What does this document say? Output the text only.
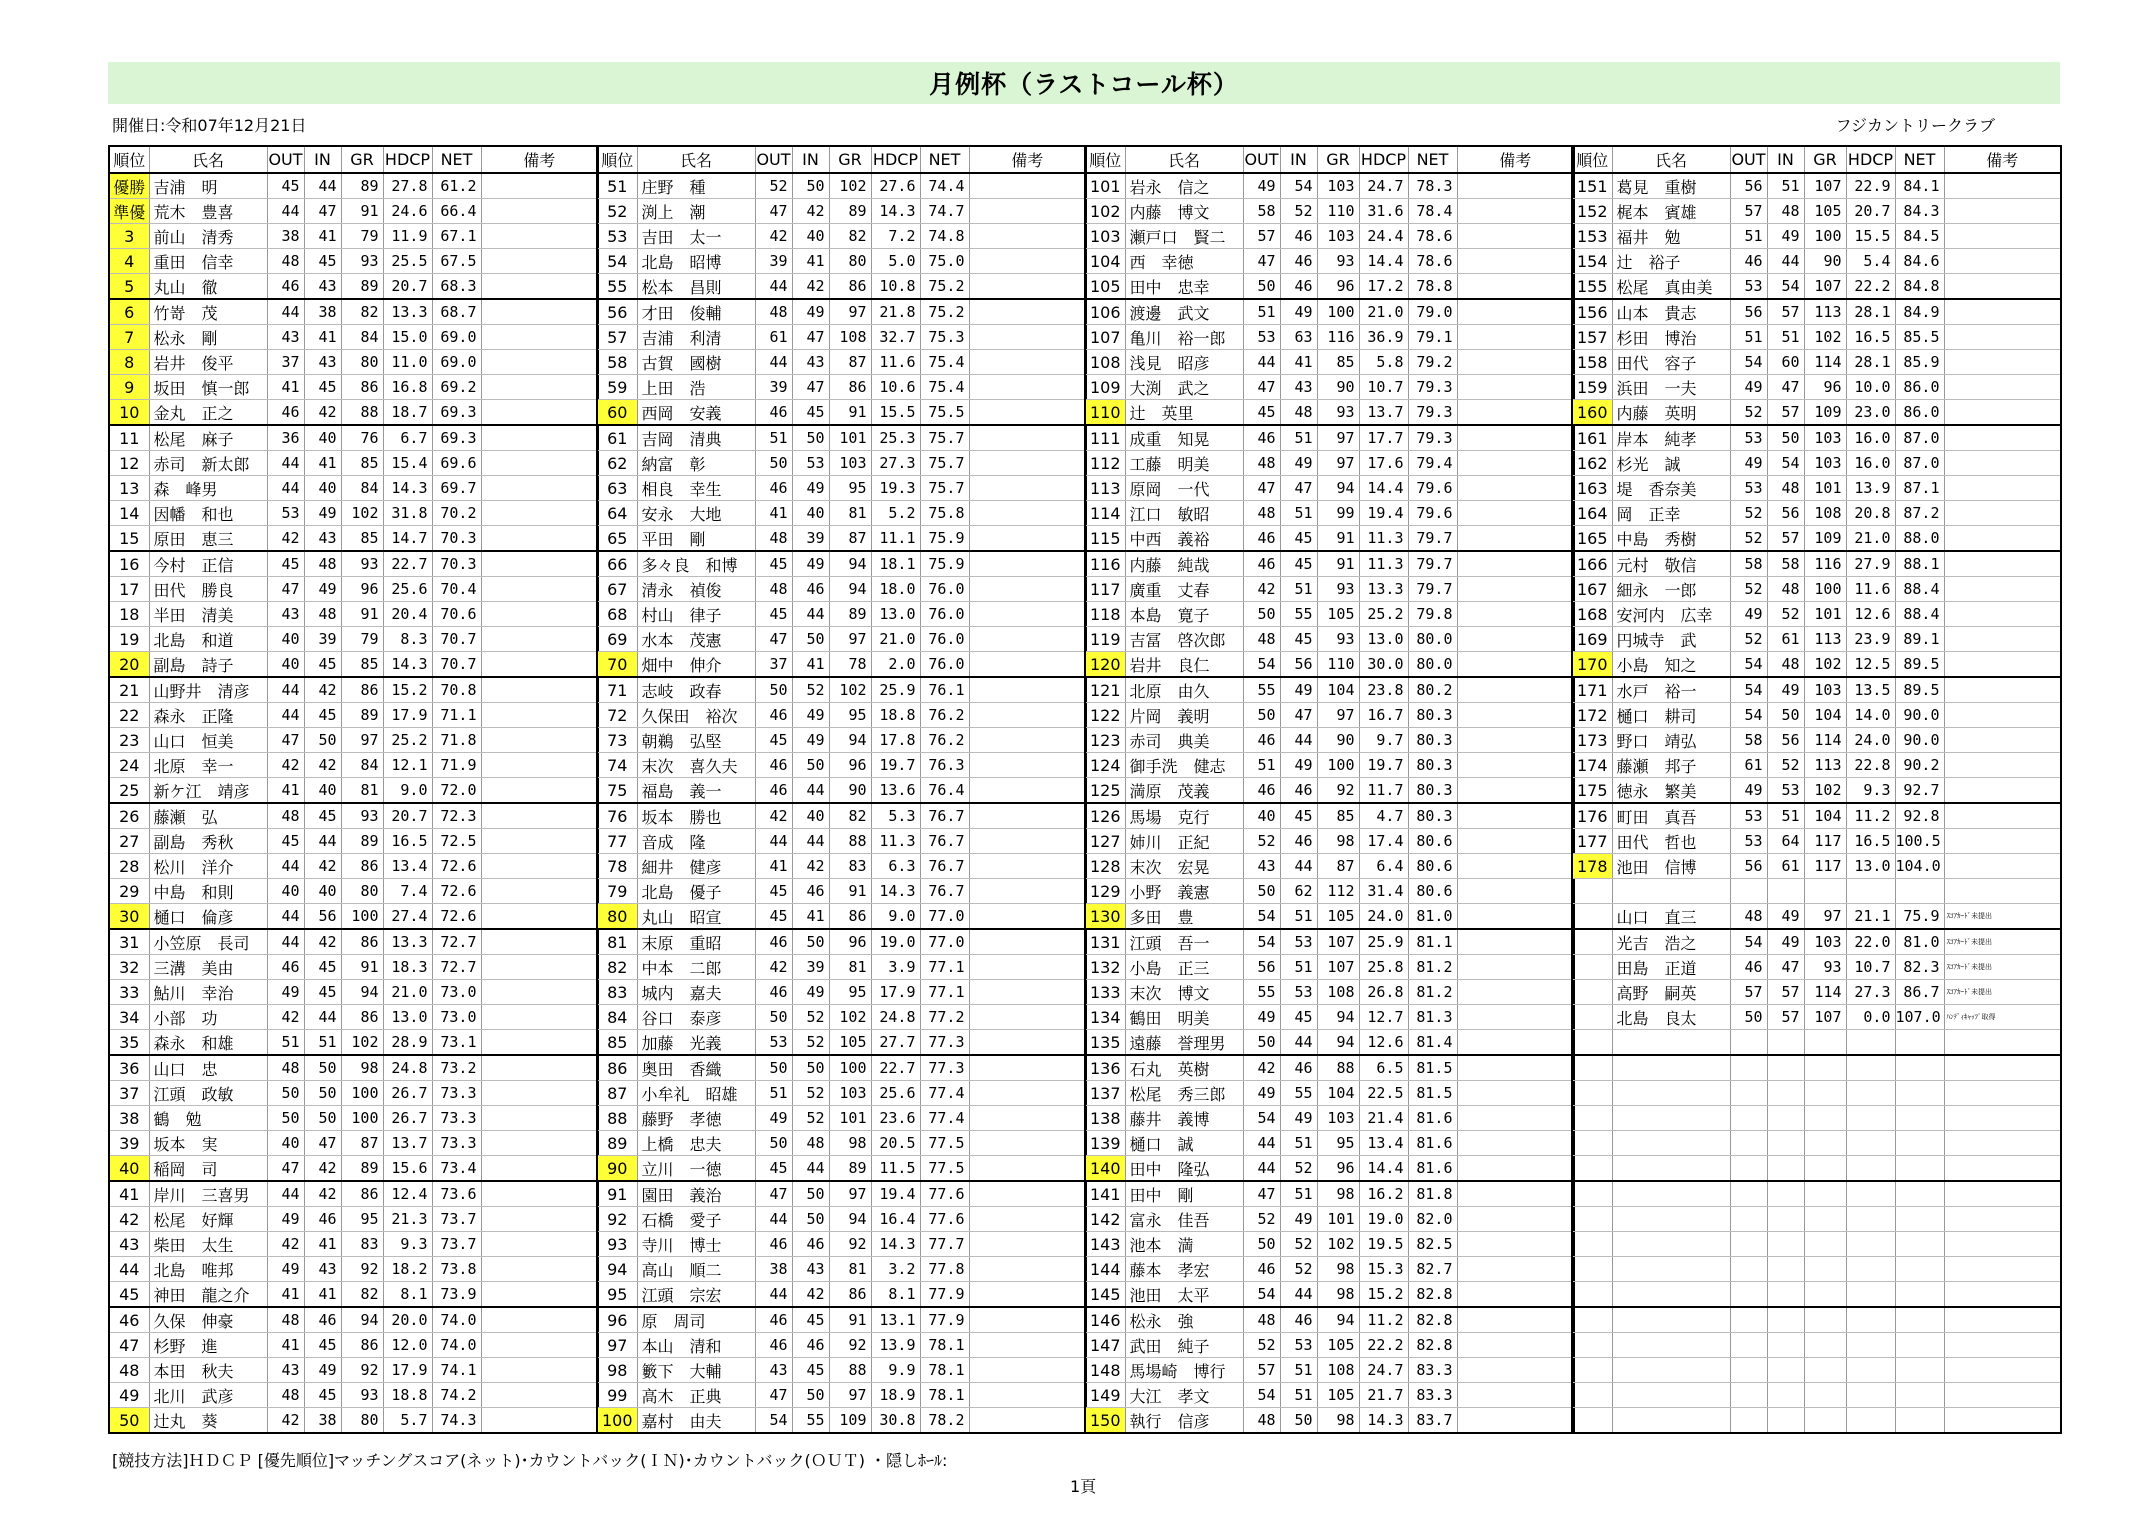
月例杯（ラストコール杯）
開催日:令和07年12月21日	フジカントリークラブ
順位	氏名	OUT	IN	GR	HDCP	NET	備考
優勝	吉浦　明	45	44	89	27.8	61.2	
準優	荒木　豊喜	44	47	91	24.6	66.4	
3	前山　清秀	38	41	79	11.9	67.1	
4	重田　信幸	48	45	93	25.5	67.5	
5	丸山　徹	46	43	89	20.7	68.3	
6	竹嵜　茂	44	38	82	13.3	68.7	
7	松永　剛	43	41	84	15.0	69.0	
8	岩井　俊平	37	43	80	11.0	69.0	
9	坂田　慎一郎	41	45	86	16.8	69.2	
10	金丸　正之	46	42	88	18.7	69.3	
11	松尾　麻子	36	40	76	6.7	69.3	
12	赤司　新太郎	44	41	85	15.4	69.6	
13	森　峰男	44	40	84	14.3	69.7	
14	因幡　和也	53	49	102	31.8	70.2	
15	原田　恵三	42	43	85	14.7	70.3	
16	今村　正信	45	48	93	22.7	70.3	
17	田代　勝良	47	49	96	25.6	70.4	
18	半田　清美	43	48	91	20.4	70.6	
19	北島　和道	40	39	79	8.3	70.7	
20	副島　詩子	40	45	85	14.3	70.7	
21	山野井　清彦	44	42	86	15.2	70.8	
22	森永　正隆	44	45	89	17.9	71.1	
23	山口　恒美	47	50	97	25.2	71.8	
24	北原　幸一	42	42	84	12.1	71.9	
25	新ケ江　靖彦	41	40	81	9.0	72.0	
26	藤瀬　弘	48	45	93	20.7	72.3	
27	副島　秀秋	45	44	89	16.5	72.5	
28	松川　洋介	44	42	86	13.4	72.6	
29	中島　和則	40	40	80	7.4	72.6	
30	樋口　倫彦	44	56	100	27.4	72.6	
31	小笠原　長司	44	42	86	13.3	72.7	
32	三溝　美由	46	45	91	18.3	72.7	
33	鮎川　幸治	49	45	94	21.0	73.0	
34	小部　功	42	44	86	13.0	73.0	
35	森永　和雄	51	51	102	28.9	73.1	
36	山口　忠	48	50	98	24.8	73.2	
37	江頭　政敏	50	50	100	26.7	73.3	
38	鶴　勉	50	50	100	26.7	73.3	
39	坂本　実	40	47	87	13.7	73.3	
40	稲岡　司	47	42	89	15.6	73.4	
41	岸川　三喜男	44	42	86	12.4	73.6	
42	松尾　好輝	49	46	95	21.3	73.7	
43	柴田　太生	42	41	83	9.3	73.7	
44	北島　唯邦	49	43	92	18.2	73.8	
45	神田　龍之介	41	41	82	8.1	73.9	
46	久保　伸豪	48	46	94	20.0	74.0	
47	杉野　進	41	45	86	12.0	74.0	
48	本田　秋夫	43	49	92	17.9	74.1	
49	北川　武彦	48	45	93	18.8	74.2	
50	辻丸　葵	42	38	80	5.7	74.3	
順位	氏名	OUT	IN	GR	HDCP	NET	備考
51	庄野　種	52	50	102	27.6	74.4	
52	渕上　潮	47	42	89	14.3	74.7	
53	吉田　太一	42	40	82	7.2	74.8	
54	北島　昭博	39	41	80	5.0	75.0	
55	松本　昌則	44	42	86	10.8	75.2	
56	才田　俊輔	48	49	97	21.8	75.2	
57	吉浦　利清	61	47	108	32.7	75.3	
58	古賀　國樹	44	43	87	11.6	75.4	
59	上田　浩	39	47	86	10.6	75.4	
60	西岡　安義	46	45	91	15.5	75.5	
61	吉岡　清典	51	50	101	25.3	75.7	
62	納富　彰	50	53	103	27.3	75.7	
63	相良　幸生	46	49	95	19.3	75.7	
64	安永　大地	41	40	81	5.2	75.8	
65	平田　剛	48	39	87	11.1	75.9	
66	多々良　和博	45	49	94	18.1	75.9	
67	清永　禎俊	48	46	94	18.0	76.0	
68	村山　律子	45	44	89	13.0	76.0	
69	水本　茂憲	47	50	97	21.0	76.0	
70	畑中　伸介	37	41	78	2.0	76.0	
71	志岐　政春	50	52	102	25.9	76.1	
72	久保田　裕次	46	49	95	18.8	76.2	
73	朝鵜　弘堅	45	49	94	17.8	76.2	
74	末次　喜久夫	46	50	96	19.7	76.3	
75	福島　義一	46	44	90	13.6	76.4	
76	坂本　勝也	42	40	82	5.3	76.7	
77	音成　隆	44	44	88	11.3	76.7	
78	細井　健彦	41	42	83	6.3	76.7	
79	北島　優子	45	46	91	14.3	76.7	
80	丸山　昭宣	45	41	86	9.0	77.0	
81	末原　重昭	46	50	96	19.0	77.0	
82	中本　二郎	42	39	81	3.9	77.1	
83	城内　嘉夫	46	49	95	17.9	77.1	
84	谷口　泰彦	50	52	102	24.8	77.2	
85	加藤　光義	53	52	105	27.7	77.3	
86	奥田　香織	50	50	100	22.7	77.3	
87	小牟礼　昭雄	51	52	103	25.6	77.4	
88	藤野　孝徳	49	52	101	23.6	77.4	
89	上橋　忠夫	50	48	98	20.5	77.5	
90	立川　一徳	45	44	89	11.5	77.5	
91	園田　義治	47	50	97	19.4	77.6	
92	石橋　愛子	44	50	94	16.4	77.6	
93	寺川　博士	46	46	92	14.3	77.7	
94	高山　順二	38	43	81	3.2	77.8	
95	江頭　宗宏	44	42	86	8.1	77.9	
96	原　周司	46	45	91	13.1	77.9	
97	本山　清和	46	46	92	13.9	78.1	
98	籔下　大輔	43	45	88	9.9	78.1	
99	高木　正典	47	50	97	18.9	78.1	
100	嘉村　由夫	54	55	109	30.8	78.2	
順位	氏名	OUT	IN	GR	HDCP	NET	備考
101	岩永　信之	49	54	103	24.7	78.3	
102	内藤　博文	58	52	110	31.6	78.4	
103	瀬戸口　賢二	57	46	103	24.4	78.6	
104	西　幸徳	47	46	93	14.4	78.6	
105	田中　忠幸	50	46	96	17.2	78.8	
106	渡邊　武文	51	49	100	21.0	79.0	
107	亀川　裕一郎	53	63	116	36.9	79.1	
108	浅見　昭彦	44	41	85	5.8	79.2	
109	大渕　武之	47	43	90	10.7	79.3	
110	辻　英里	45	48	93	13.7	79.3	
111	成重　知晃	46	51	97	17.7	79.3	
112	工藤　明美	48	49	97	17.6	79.4	
113	原岡　一代	47	47	94	14.4	79.6	
114	江口　敏昭	48	51	99	19.4	79.6	
115	中西　義裕	46	45	91	11.3	79.7	
116	内藤　純哉	46	45	91	11.3	79.7	
117	廣重　丈春	42	51	93	13.3	79.7	
118	本島　寛子	50	55	105	25.2	79.8	
119	吉冨　啓次郎	48	45	93	13.0	80.0	
120	岩井　良仁	54	56	110	30.0	80.0	
121	北原　由久	55	49	104	23.8	80.2	
122	片岡　義明	50	47	97	16.7	80.3	
123	赤司　典美	46	44	90	9.7	80.3	
124	御手洗　健志	51	49	100	19.7	80.3	
125	満原　茂義	46	46	92	11.7	80.3	
126	馬場　克行	40	45	85	4.7	80.3	
127	姉川　正紀	52	46	98	17.4	80.6	
128	末次　宏晃	43	44	87	6.4	80.6	
129	小野　義憲	50	62	112	31.4	80.6	
130	多田　豊	54	51	105	24.0	81.0	
131	江頭　吾一	54	53	107	25.9	81.1	
132	小島　正三	56	51	107	25.8	81.2	
133	末次　博文	55	53	108	26.8	81.2	
134	鶴田　明美	49	45	94	12.7	81.3	
135	遠藤　誉理男	50	44	94	12.6	81.4	
136	石丸　英樹	42	46	88	6.5	81.5	
137	松尾　秀三郎	49	55	104	22.5	81.5	
138	藤井　義博	54	49	103	21.4	81.6	
139	樋口　誠	44	51	95	13.4	81.6	
140	田中　隆弘	44	52	96	14.4	81.6	
141	田中　剛	47	51	98	16.2	81.8	
142	富永　佳吾	52	49	101	19.0	82.0	
143	池本　満	50	52	102	19.5	82.5	
144	藤本　孝宏	46	52	98	15.3	82.7	
145	池田　太平	54	44	98	15.2	82.8	
146	松永　強	48	46	94	11.2	82.8	
147	武田　純子	52	53	105	22.2	82.8	
148	馬場崎　博行	57	51	108	24.7	83.3	
149	大江　孝文	54	51	105	21.7	83.3	
150	執行　信彦	48	50	98	14.3	83.7	
順位	氏名	OUT	IN	GR	HDCP	NET	備考
151	葛見　重樹	56	51	107	22.9	84.1	
152	梶本　賓雄	57	48	105	20.7	84.3	
153	福井　勉	51	49	100	15.5	84.5	
154	辻　裕子	46	44	90	5.4	84.6	
155	松尾　真由美	53	54	107	22.2	84.8	
156	山本　貴志	56	57	113	28.1	84.9	
157	杉田　博治	51	51	102	16.5	85.5	
158	田代　容子	54	60	114	28.1	85.9	
159	浜田　一夫	49	47	96	10.0	86.0	
160	内藤　英明	52	57	109	23.0	86.0	
161	岸本　純孝	53	50	103	16.0	87.0	
162	杉光　誠	49	54	103	16.0	87.0	
163	堤　香奈美	53	48	101	13.9	87.1	
164	岡　正幸	52	56	108	20.8	87.2	
165	中島　秀樹	52	57	109	21.0	88.0	
166	元村　敬信	58	58	116	27.9	88.1	
167	細永　一郎	52	48	100	11.6	88.4	
168	安河内　広幸	49	52	101	12.6	88.4	
169	円城寺　武	52	61	113	23.9	89.1	
170	小島　知之	54	48	102	12.5	89.5	
171	水戸　裕一	54	49	103	13.5	89.5	
172	樋口　耕司	54	50	104	14.0	90.0	
173	野口　靖弘	58	56	114	24.0	90.0	
174	藤瀬　邦子	61	52	113	22.8	90.2	
175	徳永　繁美	49	53	102	9.3	92.7	
176	町田　真吾	53	51	104	11.2	92.8	
177	田代　哲也	53	64	117	16.5	100.5	
178	池田　信博	56	61	117	13.0	104.0	

	山口　直三	48	49	97	21.1	75.9	ｽｺｱｶｰﾄﾞ未提出
	光吉　浩之	54	49	103	22.0	81.0	ｽｺｱｶｰﾄﾞ未提出
	田島　正道	46	47	93	10.7	82.3	ｽｺｱｶｰﾄﾞ未提出
	高野　嗣英	57	57	114	27.3	86.7	ｽｺｱｶｰﾄﾞ未提出
	北島　良太	50	57	107	0.0	107.0	ﾊﾝﾃﾞｨｷｬｯﾌﾟ取得

[競技方法]ＨＤＣＰ [優先順位]マッチングスコア(ネット)･カウントバック(ＩＮ)･カウントバック(ＯＵＴ) ・隠しﾎｰﾙ:
1頁
